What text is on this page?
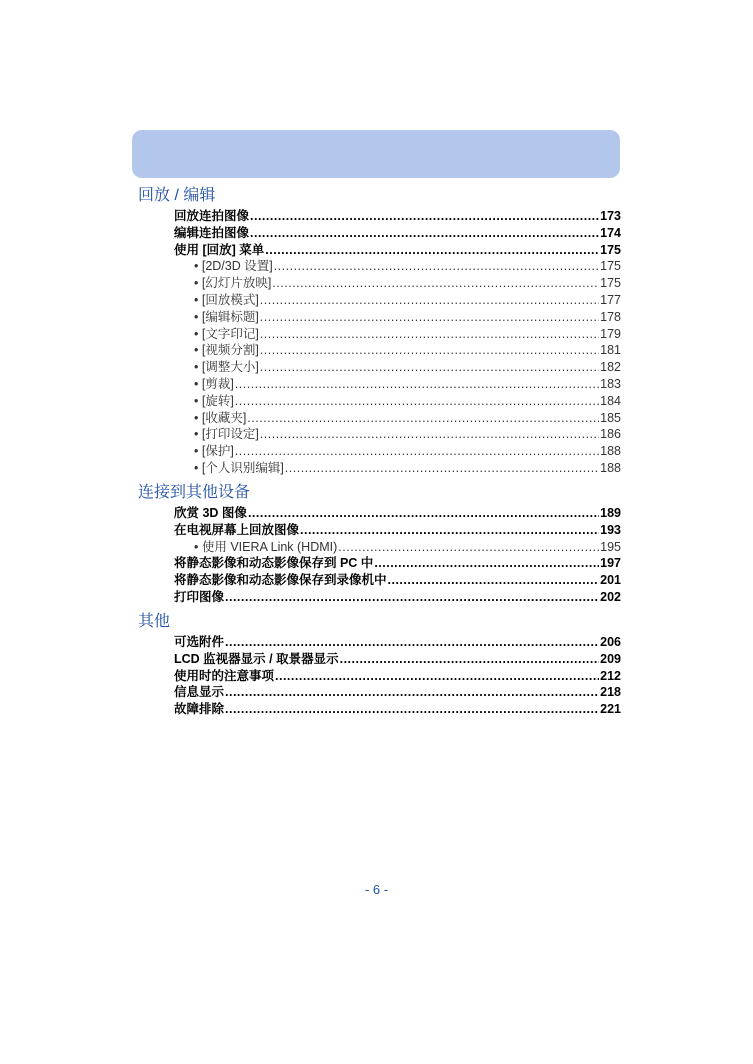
回放 / 编辑
回放连拍图像 .....	173
编辑连拍图像 .....	174
使用 [回放] 菜单 .....	175
• [2D/3D 设置] .....	175
• [幻灯片放映] .....	175
• [回放模式] .....	177
• [编辑标题] .....	178
• [文字印记] .....	179
• [视频分割] .....	181
• [调整大小] .....	182
• [剪裁] .....	183
• [旋转] .....	184
• [收藏夹] .....	185
• [打印设定] .....	186
• [保护] .....	188
• [个人识别编辑] .....	188
连接到其他设备
欣赏 3D 图像 .....	189
在电视屏幕上回放图像 .....	193
• 使用 VIERA Link (HDMI) .....	195
将静态影像和动态影像保存到 PC 中 .....	197
将静态影像和动态影像保存到录像机中 .....	201
打印图像 .....	202
其他
可选附件 .....	206
LCD 监视器显示 / 取景器显示 .....	209
使用时的注意事项 .....	212
信息显示 .....	218
故障排除 .....	221
- 6 -
